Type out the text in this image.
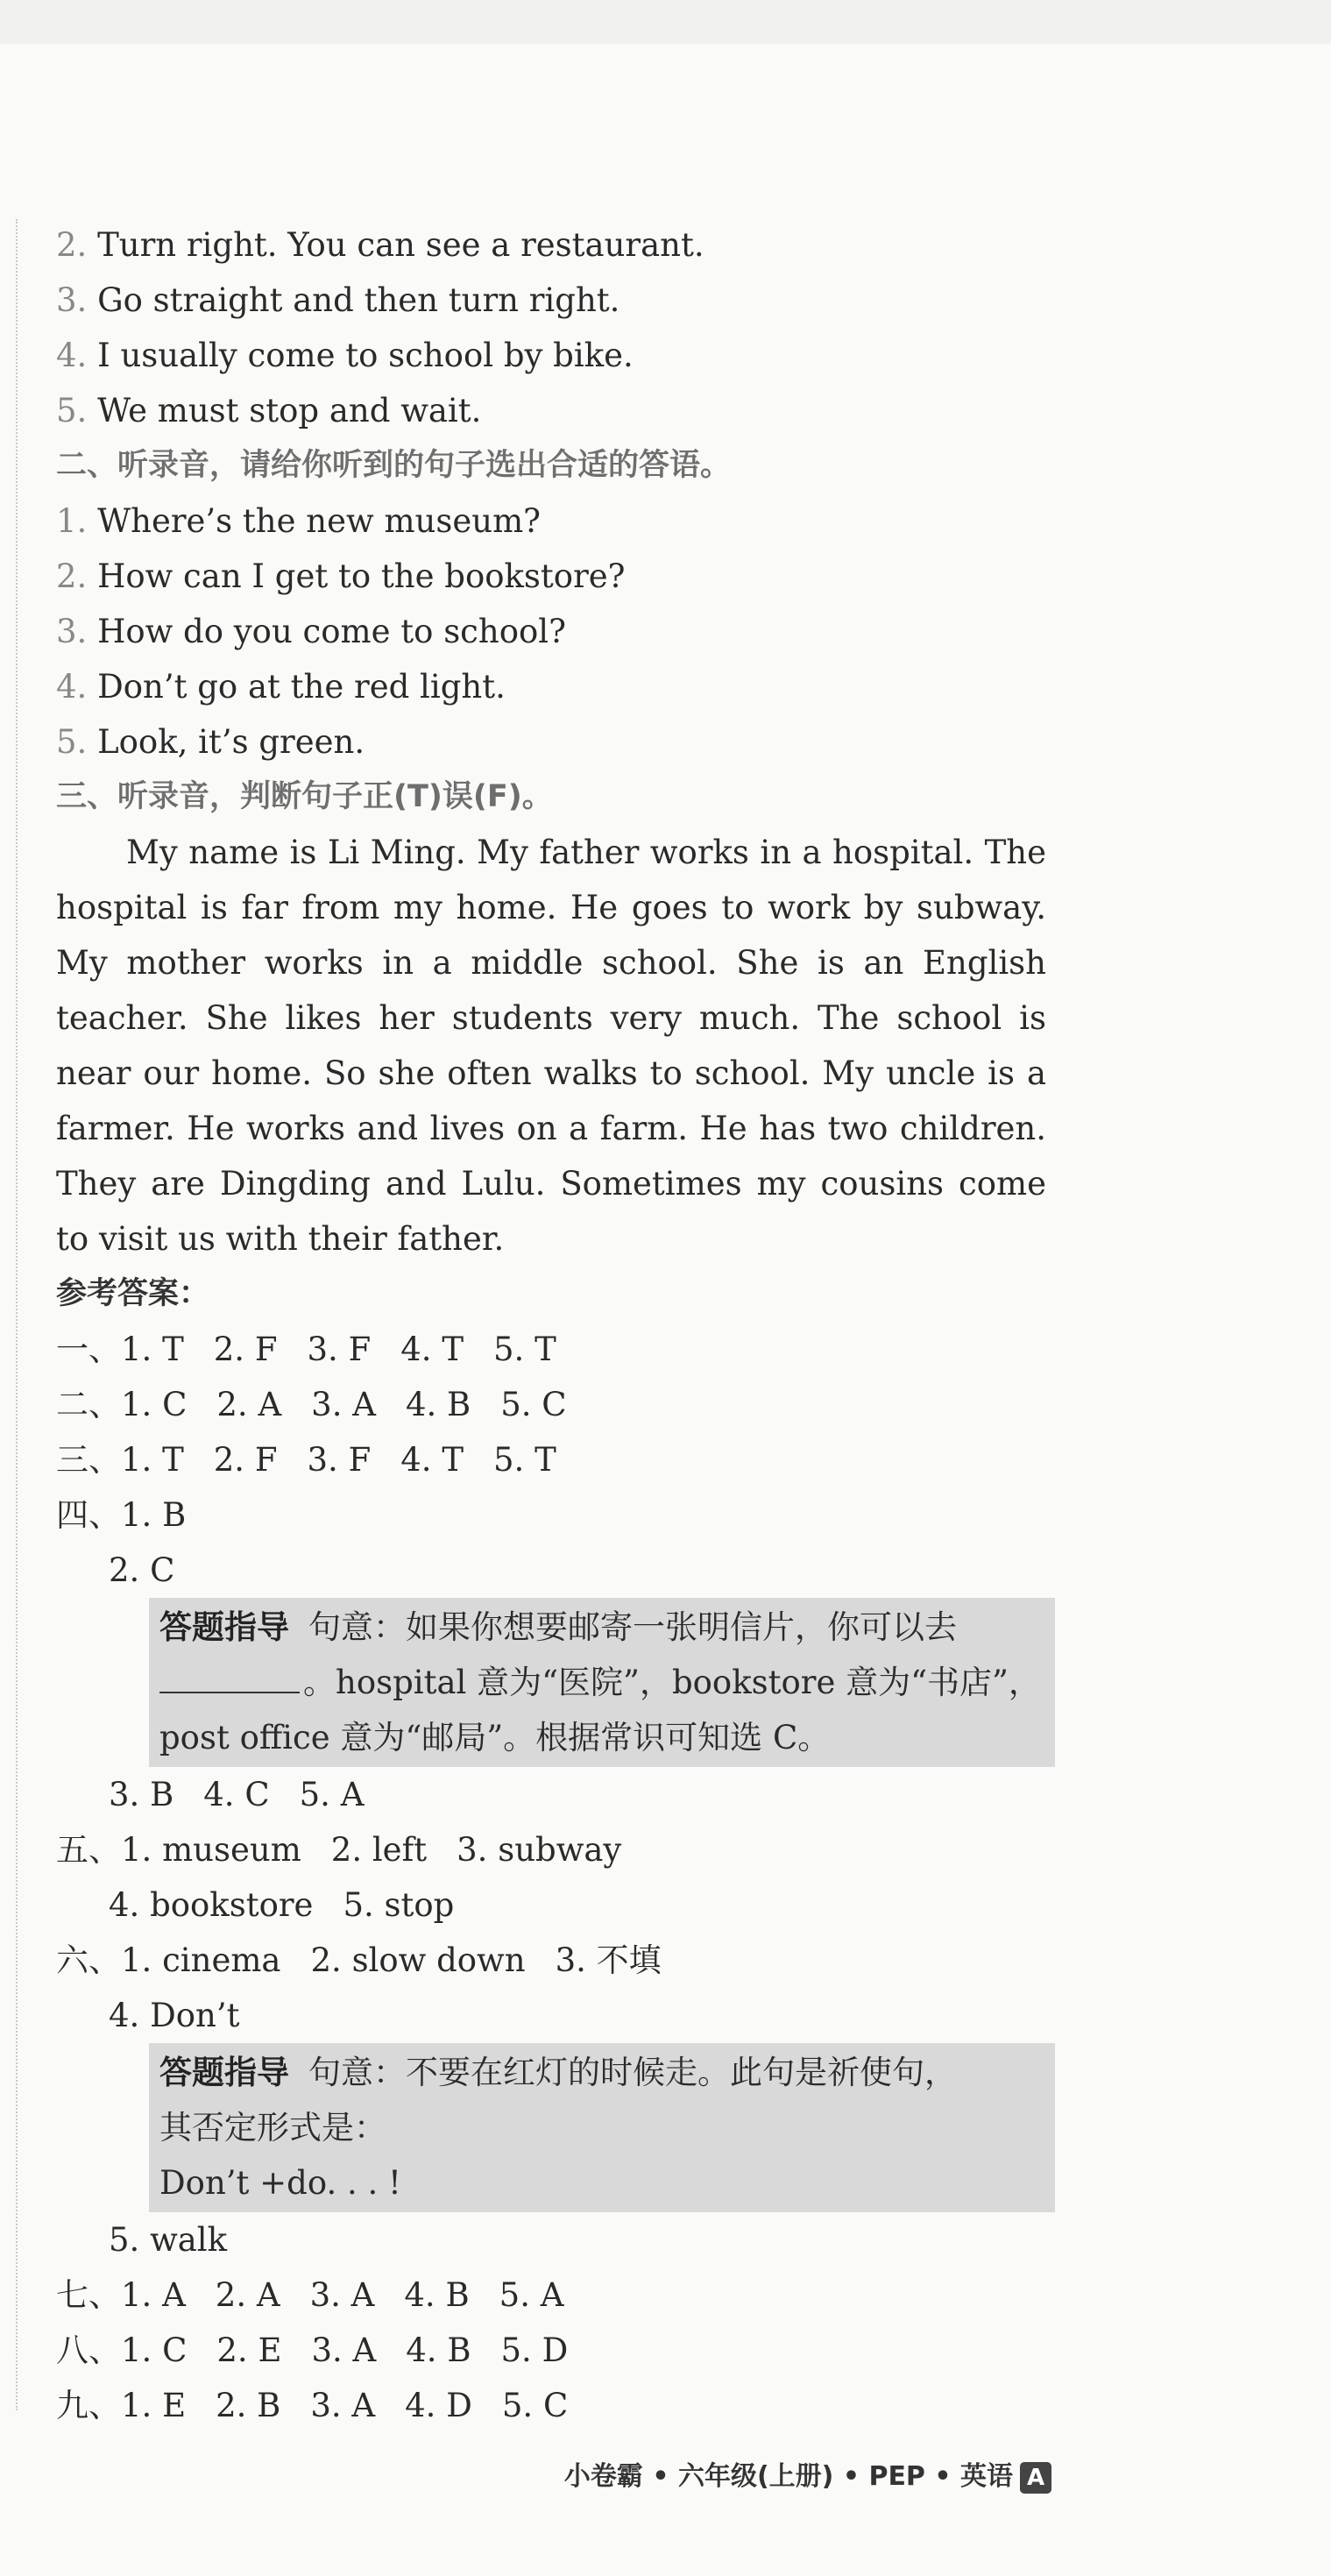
2. Turn right. You can see a restaurant.
3. Go straight and then turn right.
4. I usually come to school by bike.
5. We must stop and wait.
二、听录音，请给你听到的句子选出合适的答语。
1. Where’s the new museum?
2. How can I get to the bookstore?
3. How do you come to school?
4. Don’t go at the red light.
5. Look, it’s green.
三、听录音，判断句子正(T)误(F)。
My name is Li Ming. My father works in a hospital. The hospital is far from my home. He goes to work by subway. My mother works in a middle school. She is an English teacher. She likes her students very much. The school is near our home. So she often walks to school. My uncle is a farmer. He works and lives on a farm. He has two children. They are Dingding and Lulu. Sometimes my cousins come to visit us with their father.
参考答案：
一、1. T 2. F 3. F 4. T 5. T
二、1. C 2. A 3. A 4. B 5. C
三、1. T 2. F 3. F 4. T 5. T
四、1. B
2. C
答题指导 句意：如果你想要邮寄一张明信片，你可以去
。hospital 意为“医院”，bookstore 意为“书店”，
post office 意为“邮局”。根据常识可知选 C。
3. B 4. C 5. A
五、1. museum 2. left 3. subway
4. bookstore 5. stop
六、1. cinema 2. slow down 3. 不填
4. Don’t
答题指导 句意：不要在红灯的时候走。此句是祈使句，
其否定形式是：
Don’t +do. . . !
5. walk
七、1. A 2. A 3. A 4. B 5. A
八、1. C 2. E 3. A 4. B 5. D
九、1. E 2. B 3. A 4. D 5. C
小卷霸 • 六年级(上册) • PEP • 英语 A
